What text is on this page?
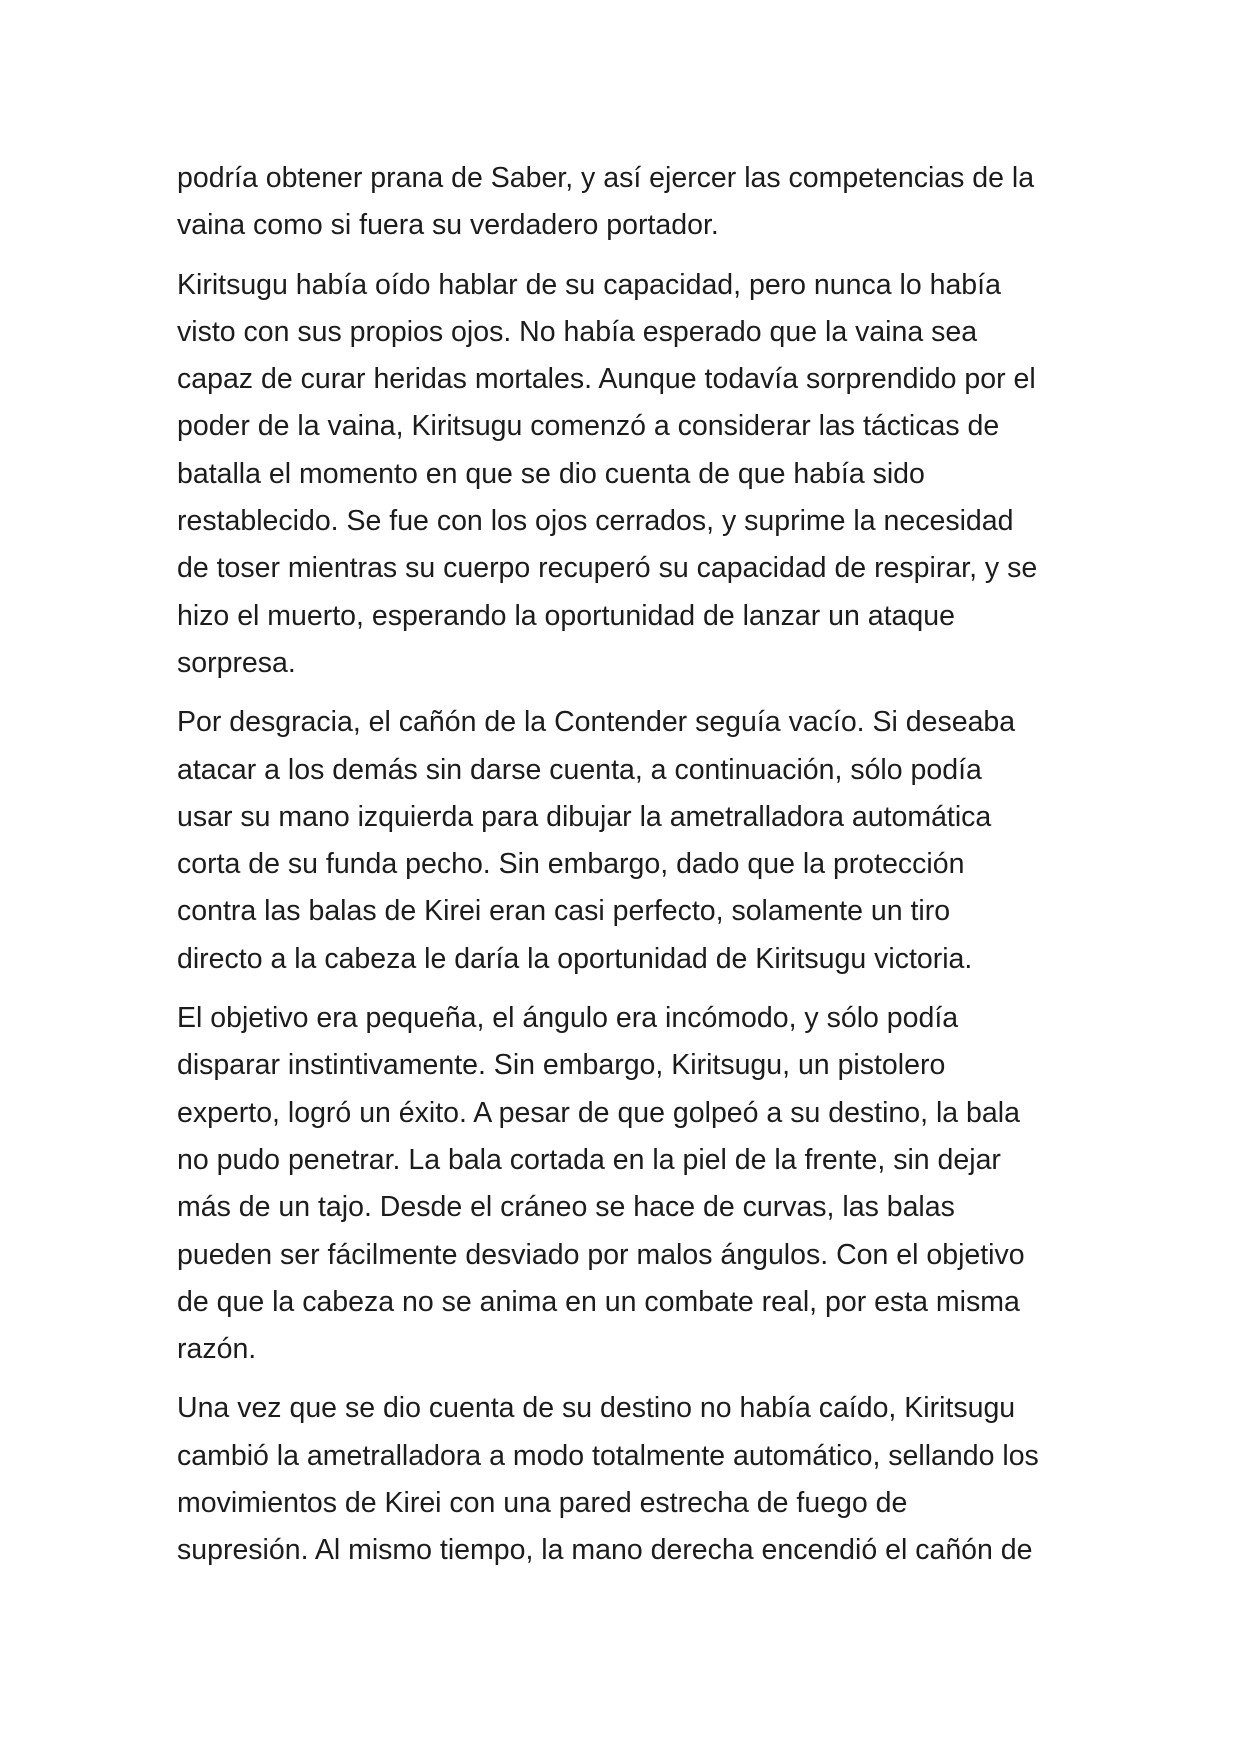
podría obtener prana de Saber, y así ejercer las competencias de la
vaina como si fuera su verdadero portador.

Kiritsugu había oído hablar de su capacidad, pero nunca lo había
visto con sus propios ojos. No había esperado que la vaina sea
capaz de curar heridas mortales. Aunque todavía sorprendido por el
poder de la vaina, Kiritsugu comenzó a considerar las tácticas de
batalla el momento en que se dio cuenta de que había sido
restablecido. Se fue con los ojos cerrados, y suprime la necesidad
de toser mientras su cuerpo recuperó su capacidad de respirar, y se
hizo el muerto, esperando la oportunidad de lanzar un ataque
sorpresa.

Por desgracia, el cañón de la Contender seguía vacío. Si deseaba
atacar a los demás sin darse cuenta, a continuación, sólo podía
usar su mano izquierda para dibujar la ametralladora automática
corta de su funda pecho. Sin embargo, dado que la protección
contra las balas de Kirei eran casi perfecto, solamente un tiro
directo a la cabeza le daría la oportunidad de Kiritsugu victoria.

El objetivo era pequeña, el ángulo era incómodo, y sólo podía
disparar instintivamente. Sin embargo, Kiritsugu, un pistolero
experto, logró un éxito. A pesar de que golpeó a su destino, la bala
no pudo penetrar. La bala cortada en la piel de la frente, sin dejar
más de un tajo. Desde el cráneo se hace de curvas, las balas
pueden ser fácilmente desviado por malos ángulos. Con el objetivo
de que la cabeza no se anima en un combate real, por esta misma
razón.

Una vez que se dio cuenta de su destino no había caído, Kiritsugu
cambió la ametralladora a modo totalmente automático, sellando los
movimientos de Kirei con una pared estrecha de fuego de
supresión. Al mismo tiempo, la mano derecha encendió el cañón de
